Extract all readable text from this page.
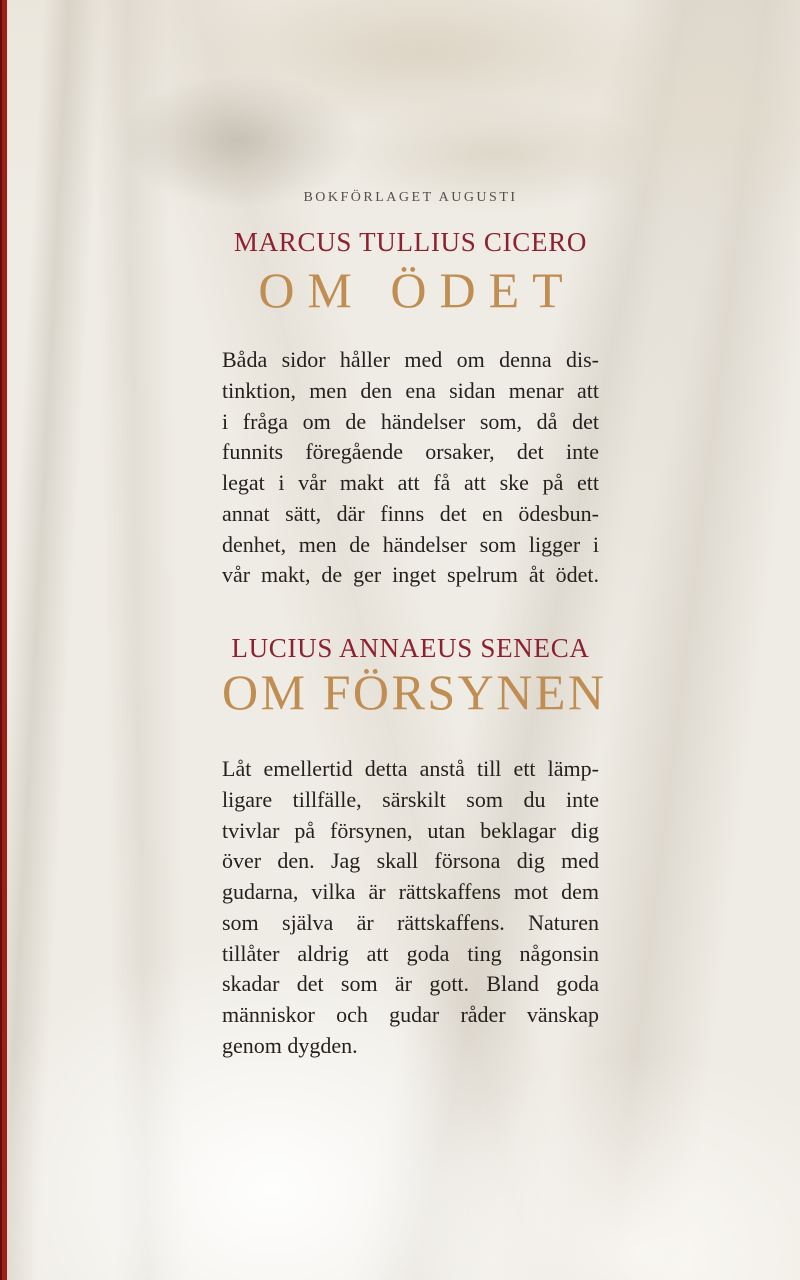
BOKFÖRLAGET AUGUSTI
MARCUS TULLIUS CICERO
OM ÖDET
Båda sidor håller med om denna dis-
tinktion, men den ena sidan menar att
i fråga om de händelser som, då det
funnits föregående orsaker, det inte
legat i vår makt att få att ske på ett
annat sätt, där finns det en ödesbun-
denhet, men de händelser som ligger i
vår makt, de ger inget spelrum åt ödet.
LUCIUS ANNAEUS SENECA
OM FÖRSYNEN
Låt emellertid detta anstå till ett lämp-
ligare tillfälle, särskilt som du inte
tvivlar på försynen, utan beklagar dig
över den. Jag skall försona dig med
gudarna, vilka är rättskaffens mot dem
som själva är rättskaffens. Naturen
tillåter aldrig att goda ting någonsin
skadar det som är gott. Bland goda
människor och gudar råder vänskap
genom dygden.
